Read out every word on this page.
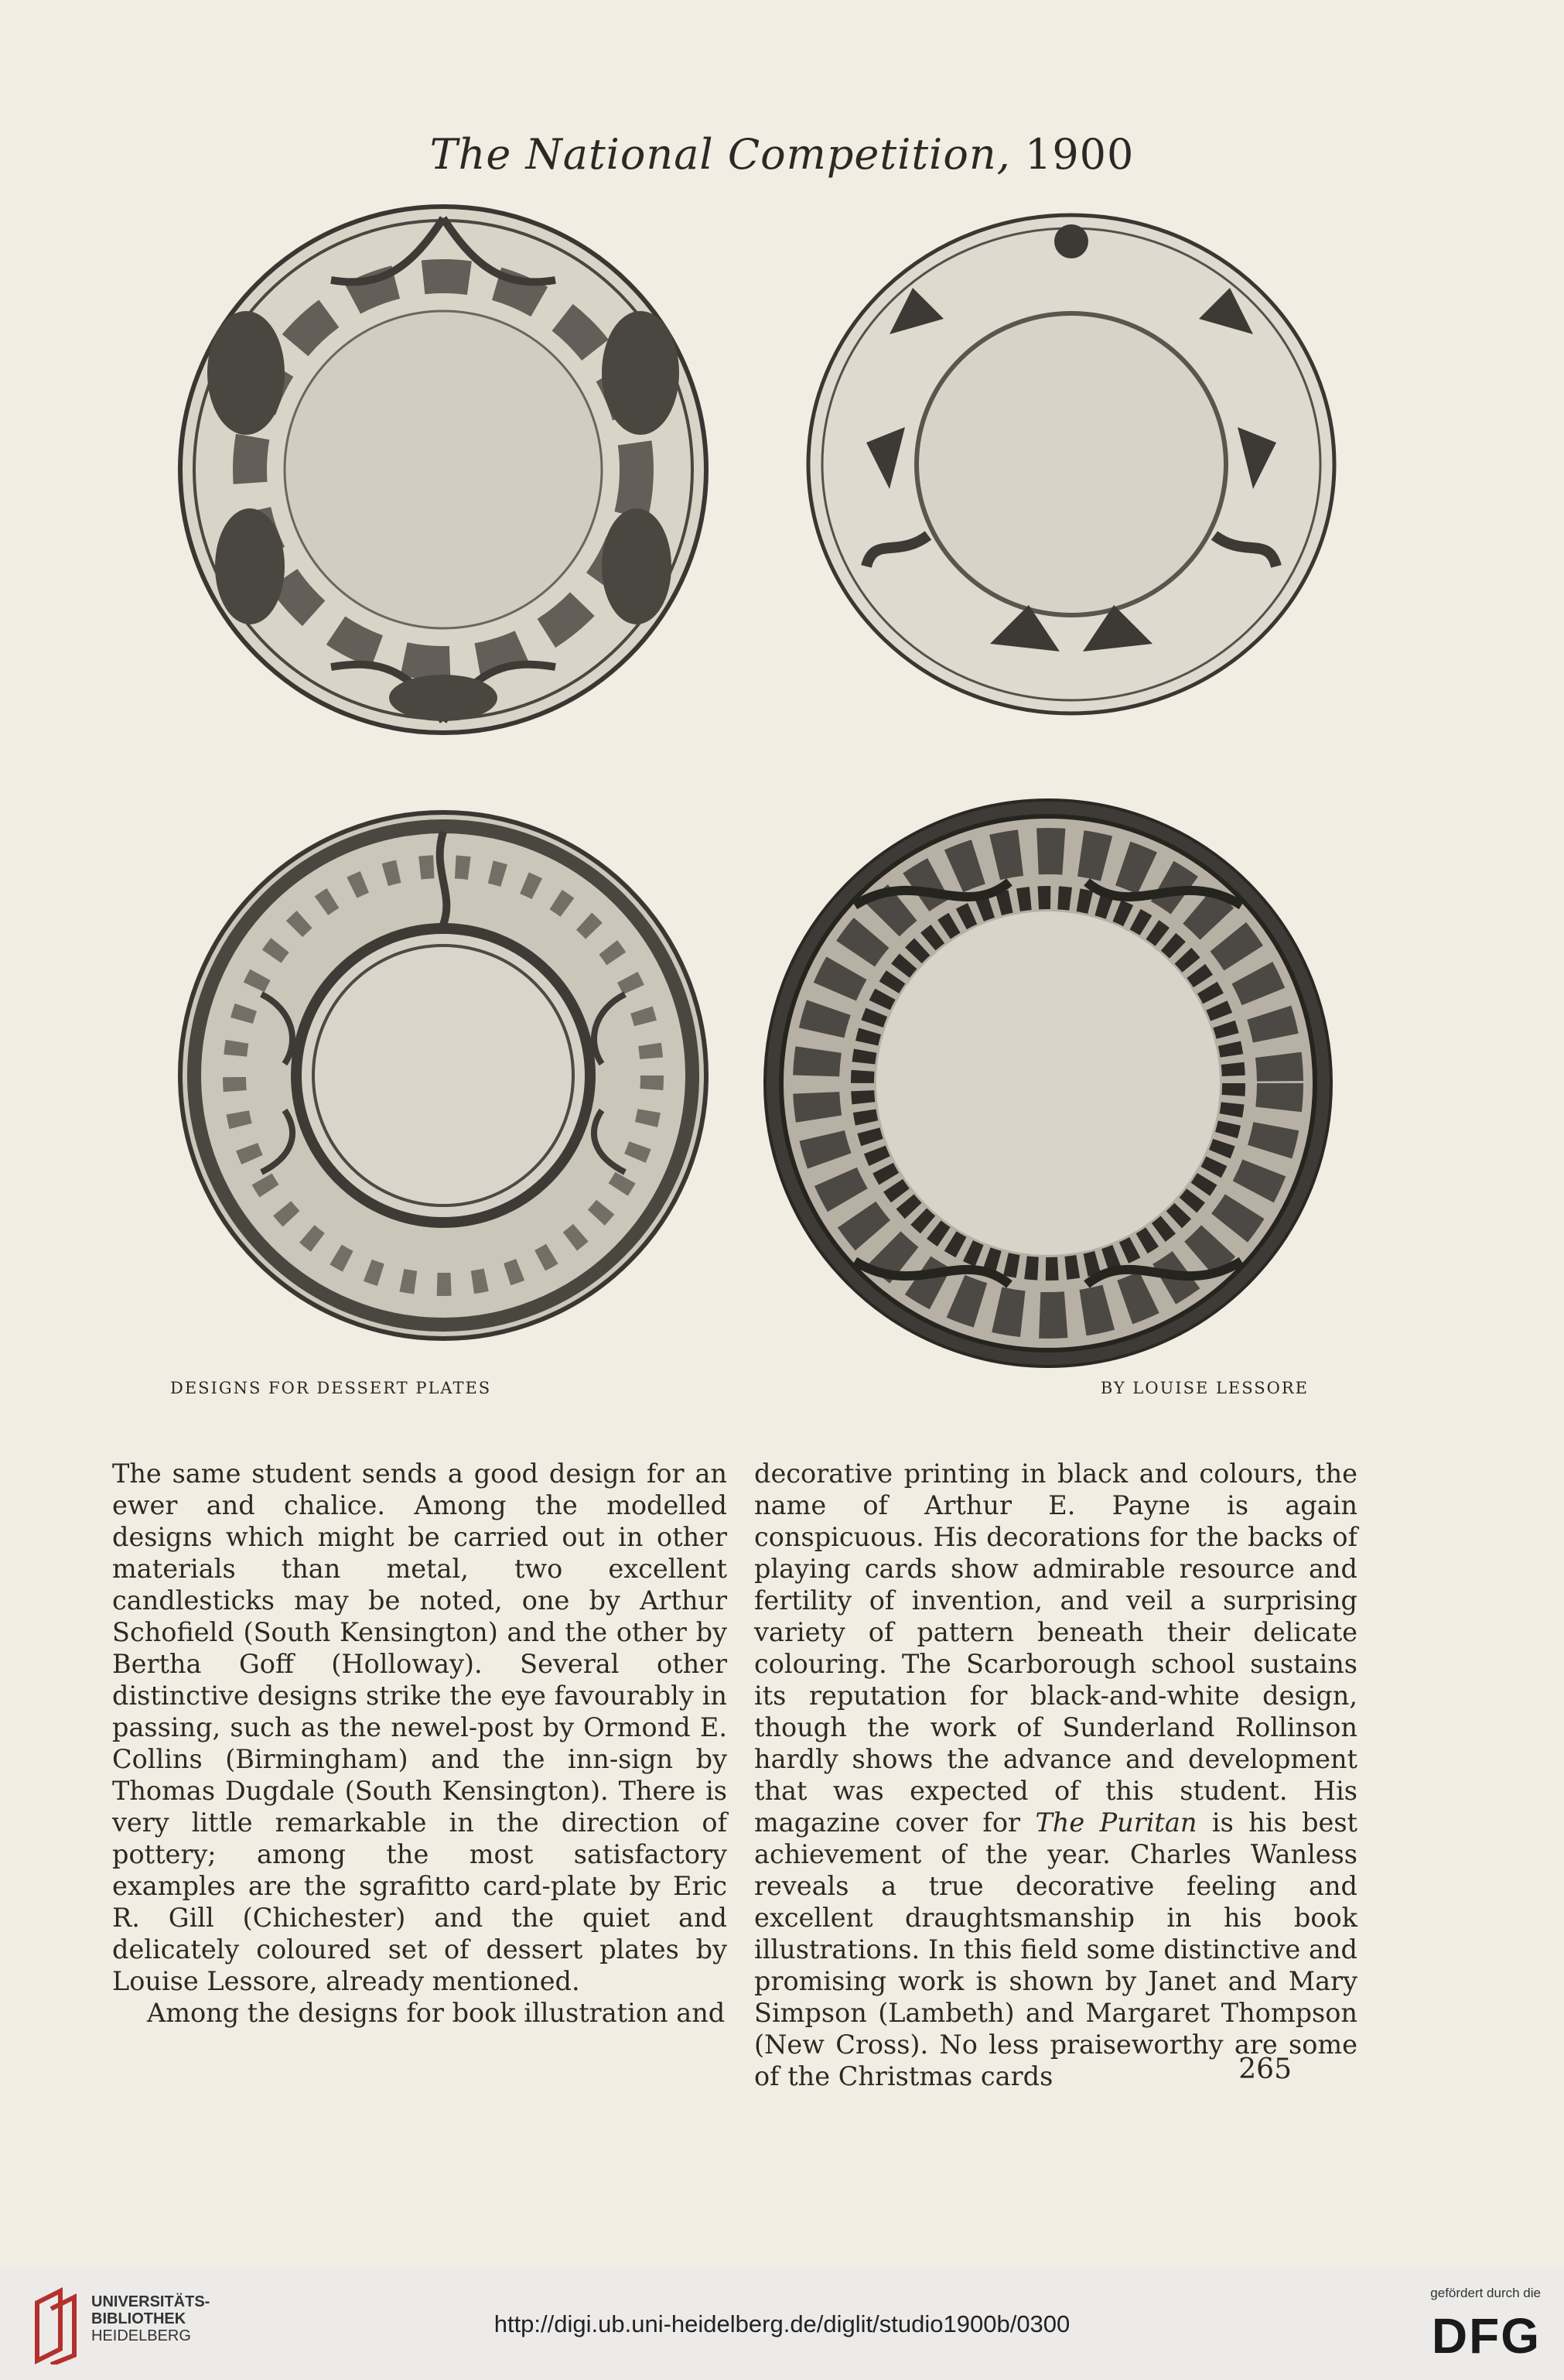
The National Competition, 1900
DESIGNS FOR DESSERT PLATES	BY LOUISE LESSORE

The same student sends a good design for an ewer and chalice. Among the modelled designs which might be carried out in other materials than metal, two excellent candlesticks may be noted, one by Arthur Schofield (South Kensington) and the other by Bertha Goff (Holloway). Several other distinctive designs strike the eye favourably in passing, such as the newel-post by Ormond E. Collins (Birmingham) and the inn-sign by Thomas Dugdale (South Kensington). There is very little remarkable in the direction of pottery; among the most satisfactory examples are the sgrafitto card-plate by Eric R. Gill (Chichester) and the quiet and delicately coloured set of dessert plates by Louise Lessore, already mentioned.

Among the designs for book illustration and

decorative printing in black and colours, the name of Arthur E. Payne is again conspicuous. His decorations for the backs of playing cards show admirable resource and fertility of invention, and veil a surprising variety of pattern beneath their delicate colouring. The Scarborough school sustains its reputation for black-and-white design, though the work of Sunderland Rollinson hardly shows the advance and development that was expected of this student. His magazine cover for The Puritan is his best achievement of the year. Charles Wanless reveals a true decorative feeling and excellent draughtsmanship in his book illustrations. In this field some distinctive and promising work is shown by Janet and Mary Simpson (Lambeth) and Margaret Thompson (New Cross). No less praiseworthy are some of the Christmas cards	265
UNIVERSITÄTS-
BIBLIOTHEK
HEIDELBERG	http://digi.ub.uni-heidelberg.de/diglit/studio1900b/0300
gefördert durch die
DFG
